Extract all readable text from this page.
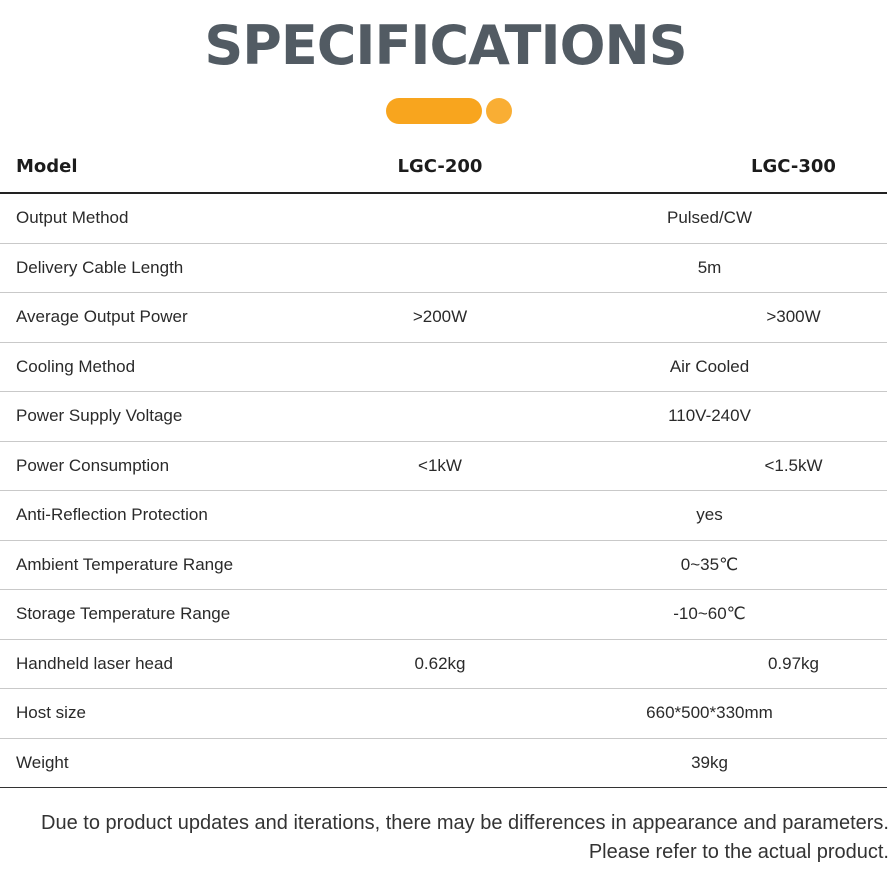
SPECIFICATIONS
Model	LGC-200		LGC-300
Output Method	Pulsed/CW		
Delivery Cable Length	5m		
Average Output Power	>200W		>300W
Cooling Method	Air Cooled		
Power Supply Voltage	110V-240V		
Power Consumption	<1kW		<1.5kW
Anti-Reflection Protection	yes		
Ambient Temperature Range	0~35℃		
Storage Temperature Range	-10~60℃		
Handheld laser head	0.62kg		0.97kg
Host size	660*500*330mm		
Weight	39kg		
Due to product updates and iterations, there may be differences in appearance and parameters.
Please refer to the actual product.
